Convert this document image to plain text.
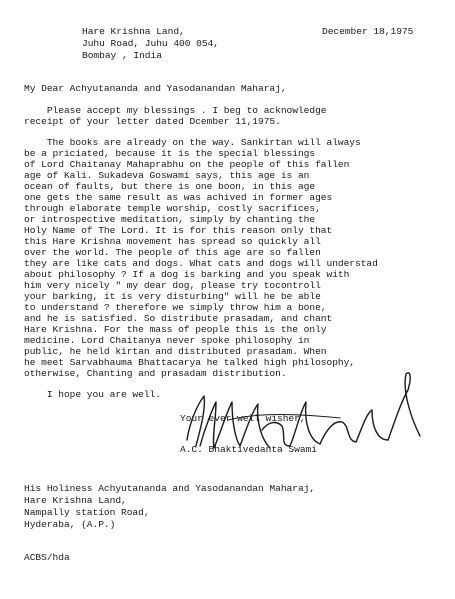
Hare Krishna Land,
Juhu Road, Juhu 400 054,
Bombay , India
December 18,1975
My Dear Achyutananda and Yasodanandan Maharaj,
Please accept my blessings . I beg to acknowledge
receipt of your letter dated Dcember 11,1975.
The books are already on the way. Sankirtan will always
be a priciated, because it is the special blessings
of Lord Chaitanay Mahaprabhu on the people of this fallen
age of Kali. Sukadeva Goswami says, this age is an
ocean of faults, but there is one boon, in this age
one gets the same result as was achived in former ages
through elaborate temple worship, costly sacrifices,
or introspective meditation, simply by chanting the
Holy Name of The Lord. It is for this reason only that
this Hare Krishna movement has spread so quickly all
over the world. The people of this age are so fallen
they are like cats and dogs. What cats and dogs will understad
about philosophy ? If a dog is barking and you speak with
him very nicely " my dear dog, please try tocontroll
your barking, it is very disturbing" will he be able
to understand ? therefore we simply throw him a bone,
and he is satisfied. So distribute prasadam, and chant
Hare Krishna. For the mass of people this is the only
medicine. Lord Chaitanya never spoke philosophy in
public, he held kirtan and distributed prasadam. When
he meet Sarvabhauma Bhattacarya he talked high philosophy,
otherwise, Chanting and prasadam distribution.
I hope you are well.
Your ever well wisher,
A.C. Bhaktivedanta Swami
His Holiness Achyutananda and Yasodanandan Maharaj,
Hare Krishna Land,
Nampally station Road,
Hyderaba, (A.P.)
ACBS/hda
